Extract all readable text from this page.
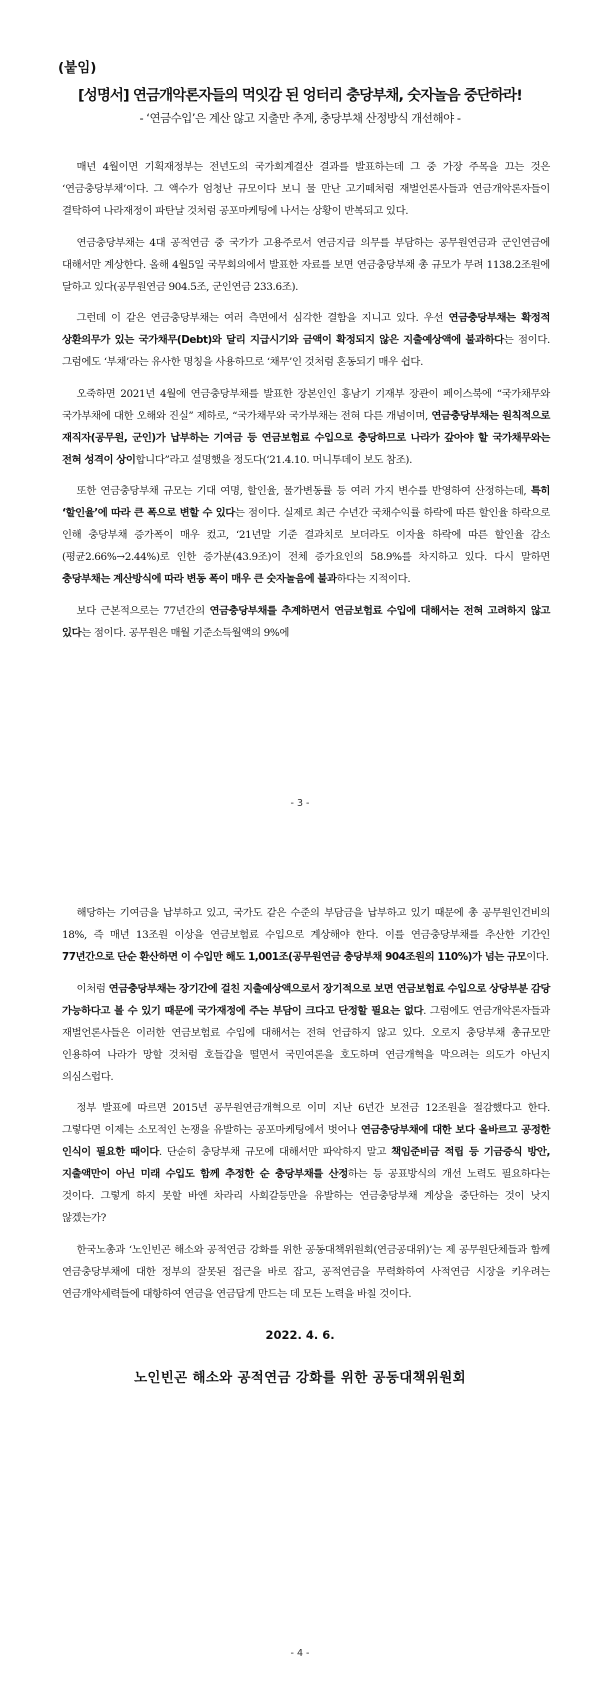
(붙임)
[성명서] 연금개악론자들의 먹잇감 된 엉터리 충당부채, 숫자놀음 중단하라!
- ‘연금수입’은 계산 않고 지출만 추계, 충당부채 산정방식 개선해야 -

매년 4월이면 기획재정부는 전년도의 국가회계결산 결과를 발표하는데 그 중 가장 주목을 끄는 것은 ‘연금충당부채’이다. 그 액수가 엄청난 규모이다 보니 물 만난 고기떼처럼 재벌언론사들과 연금개악론자들이 결탁하여 나라재정이 파탄날 것처럼 공포마케팅에 나서는 상황이 반복되고 있다.

연금충당부채는 4대 공적연금 중 국가가 고용주로서 연금지급 의무를 부담하는 공무원연금과 군인연금에 대해서만 계상한다. 올해 4월5일 국무회의에서 발표한 자료를 보면 연금충당부채 총 규모가 무려 1138.2조원에 달하고 있다(공무원연금 904.5조, 군인연금 233.6조).

그런데 이 같은 연금충당부채는 여러 측면에서 심각한 결함을 지니고 있다. 우선 연금충당부채는 확정적 상환의무가 있는 국가채무(Debt)와 달리 지급시기와 금액이 확정되지 않은 지출예상액에 불과하다는 점이다. 그럼에도 ‘부채’라는 유사한 명칭을 사용하므로 ‘채무’인 것처럼 혼동되기 매우 쉽다.

오죽하면 2021년 4월에 연금충당부채를 발표한 장본인인 홍남기 기재부 장관이 페이스북에 “국가채무와 국가부채에 대한 오해와 진실” 제하로, “국가채무와 국가부채는 전혀 다른 개념이며, 연금충당부채는 원칙적으로 재직자(공무원, 군인)가 납부하는 기여금 등 연금보험료 수입으로 충당하므로 나라가 갚아야 할 국가채무와는 전혀 성격이 상이합니다”라고 설명했을 정도다(‘21.4.10. 머니투데이 보도 참조).

또한 연금충당부채 규모는 기대 여명, 할인율, 물가변동률 등 여러 가지 변수를 반영하여 산정하는데, 특히 ‘할인율’에 따라 큰 폭으로 변할 수 있다는 점이다. 실제로 최근 수년간 국채수익률 하락에 따른 할인율 하락으로 인해 충당부채 증가폭이 매우 컸고, ‘21년말 기준 결과치로 보더라도 이자율 하락에 따른 할인율 감소(평균2.66%→2.44%)로 인한 증가분(43.9조)이 전체 증가요인의 58.9%를 차지하고 있다. 다시 말하면 충당부채는 계산방식에 따라 변동 폭이 매우 큰 숫자놀음에 불과하다는 지적이다.

보다 근본적으로는 77년간의 연금충당부채를 추계하면서 연금보험료 수입에 대해서는 전혀 고려하지 않고 있다는 점이다. 공무원은 매월 기준소득월액의 9%에

- 3 -

해당하는 기여금을 납부하고 있고, 국가도 같은 수준의 부담금을 납부하고 있기 때문에 총 공무원인건비의 18%, 즉 매년 13조원 이상을 연금보험료 수입으로 계상해야 한다. 이를 연금충당부채를 추산한 기간인 77년간으로 단순 환산하면 이 수입만 해도 1,001조(공무원연금 충당부채 904조원의 110%)가 넘는 규모이다.

이처럼 연금충당부채는 장기간에 걸친 지출예상액으로서 장기적으로 보면 연금보험료 수입으로 상당부분 감당 가능하다고 볼 수 있기 때문에 국가재정에 주는 부담이 크다고 단정할 필요는 없다. 그럼에도 연금개악론자들과 재벌언론사들은 이러한 연금보험료 수입에 대해서는 전혀 언급하지 않고 있다. 오로지 충당부채 총규모만 인용하여 나라가 망할 것처럼 호들갑을 떨면서 국민여론을 호도하며 연금개혁을 막으려는 의도가 아닌지 의심스럽다.

정부 발표에 따르면 2015년 공무원연금개혁으로 이미 지난 6년간 보전금 12조원을 절감했다고 한다. 그렇다면 이제는 소모적인 논쟁을 유발하는 공포마케팅에서 벗어나 연금충당부채에 대한 보다 올바르고 공정한 인식이 필요한 때이다. 단순히 충당부채 규모에 대해서만 파악하지 말고 책임준비금 적립 등 기금증식 방안, 지출액만이 아닌 미래 수입도 함께 추정한 순 충당부채를 산정하는 등 공표방식의 개선 노력도 필요하다는 것이다. 그렇게 하지 못할 바엔 차라리 사회갈등만을 유발하는 연금충당부채 계상을 중단하는 것이 낫지 않겠는가?

한국노총과 ‘노인빈곤 해소와 공적연금 강화를 위한 공동대책위원회(연금공대위)’는 제 공무원단체들과 함께 연금충당부채에 대한 정부의 잘못된 접근을 바로 잡고, 공적연금을 무력화하여 사적연금 시장을 키우려는 연금개악세력들에 대항하여 연금을 연금답게 만드는 데 모든 노력을 바칠 것이다.

2022. 4. 6.
노인빈곤 해소와 공적연금 강화를 위한 공동대책위원회
- 4 -
